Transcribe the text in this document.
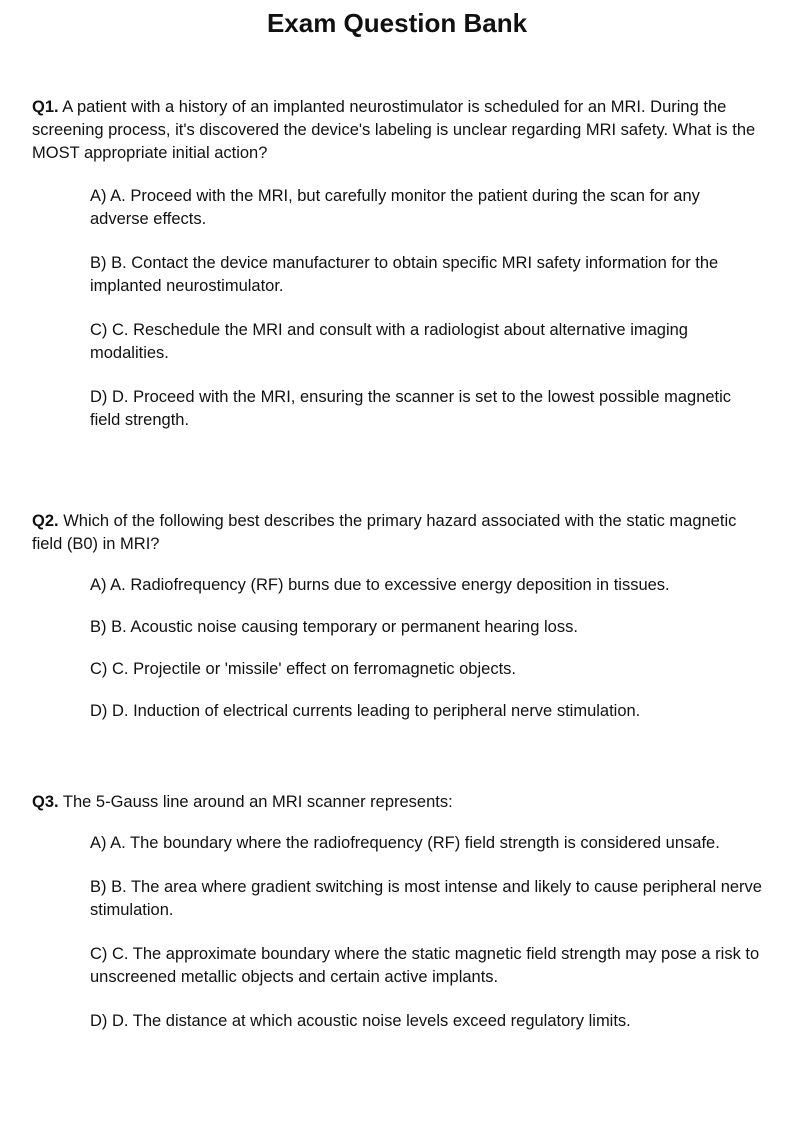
Exam Question Bank

Q1. A patient with a history of an implanted neurostimulator is scheduled for an MRI. During the screening process, it's discovered the device's labeling is unclear regarding MRI safety. What is the MOST appropriate initial action?

A) A. Proceed with the MRI, but carefully monitor the patient during the scan for any adverse effects.
B) B. Contact the device manufacturer to obtain specific MRI safety information for the implanted neurostimulator.
C) C. Reschedule the MRI and consult with a radiologist about alternative imaging modalities.
D) D. Proceed with the MRI, ensuring the scanner is set to the lowest possible magnetic field strength.

Q2. Which of the following best describes the primary hazard associated with the static magnetic field (B0) in MRI?

A) A. Radiofrequency (RF) burns due to excessive energy deposition in tissues.
B) B. Acoustic noise causing temporary or permanent hearing loss.
C) C. Projectile or 'missile' effect on ferromagnetic objects.
D) D. Induction of electrical currents leading to peripheral nerve stimulation.

Q3. The 5-Gauss line around an MRI scanner represents:

A) A. The boundary where the radiofrequency (RF) field strength is considered unsafe.
B) B. The area where gradient switching is most intense and likely to cause peripheral nerve stimulation.
C) C. The approximate boundary where the static magnetic field strength may pose a risk to unscreened metallic objects and certain active implants.
D) D. The distance at which acoustic noise levels exceed regulatory limits.
